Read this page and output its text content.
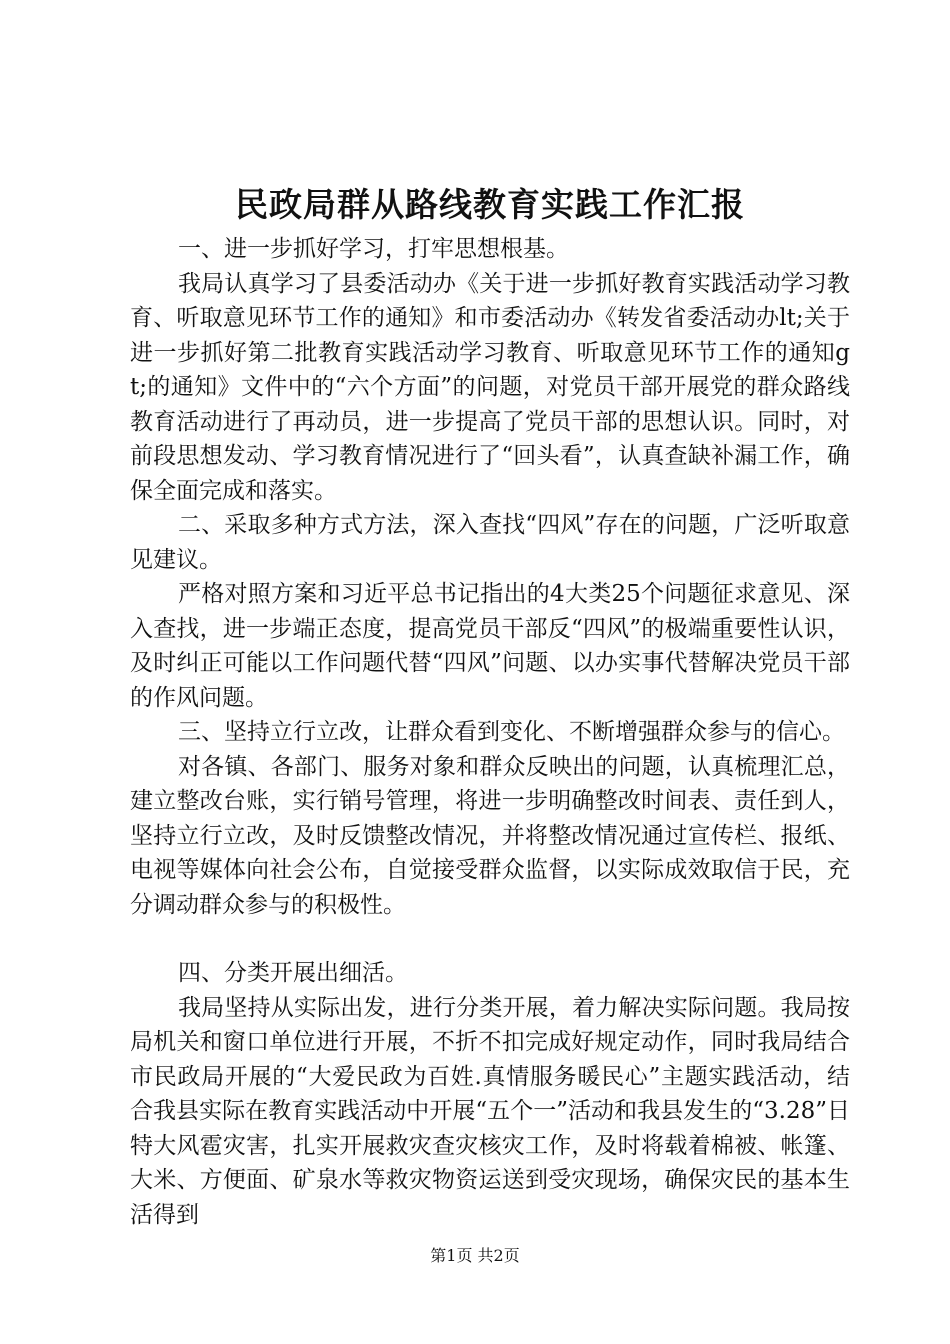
民政局群从路线教育实践工作汇报

一、进一步抓好学习，打牢思想根基。

我局认真学习了县委活动办《关于进一步抓好教育实践活动学习教育、听取意见环节工作的通知》和市委活动办《转发省委活动办lt;关于进一步抓好第二批教育实践活动学习教育、听取意见环节工作的通知gt;的通知》文件中的“六个方面”的问题，对党员干部开展党的群众路线教育活动进行了再动员，进一步提高了党员干部的思想认识。同时，对前段思想发动、学习教育情况进行了“回头看”，认真查缺补漏工作，确保全面完成和落实。

二、采取多种方式方法，深入查找“四风”存在的问题，广泛听取意见建议。

严格对照方案和习近平总书记指出的4大类25个问题征求意见、深入查找，进一步端正态度，提高党员干部反“四风”的极端重要性认识，及时纠正可能以工作问题代替“四风”问题、以办实事代替解决党员干部的作风问题。

三、坚持立行立改，让群众看到变化、不断增强群众参与的信心。

对各镇、各部门、服务对象和群众反映出的问题，认真梳理汇总，建立整改台账，实行销号管理，将进一步明确整改时间表、责任到人，坚持立行立改，及时反馈整改情况，并将整改情况通过宣传栏、报纸、电视等媒体向社会公布，自觉接受群众监督，以实际成效取信于民，充分调动群众参与的积极性。

四、分类开展出细活。

我局坚持从实际出发，进行分类开展，着力解决实际问题。我局按局机关和窗口单位进行开展，不折不扣完成好规定动作，同时我局结合市民政局开展的“大爱民政为百姓.真情服务暖民心”主题实践活动，结合我县实际在教育实践活动中开展“五个一”活动和我县发生的“3.28”日特大风雹灾害，扎实开展救灾查灾核灾工作，及时将载着棉被、帐篷、大米、方便面、矿泉水等救灾物资运送到受灾现场，确保灾民的基本生活得到

第1页 共2页
